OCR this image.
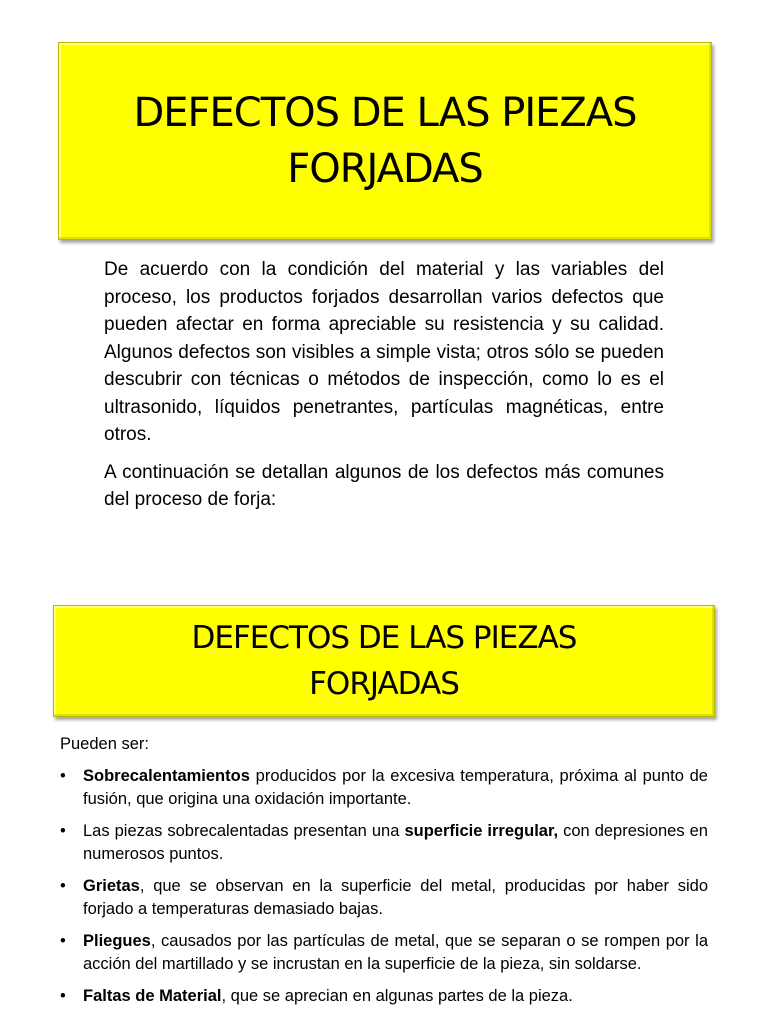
DEFECTOS DE LAS PIEZAS
FORJADAS

De acuerdo con la condición del material y las variables del proceso, los productos forjados desarrollan varios defectos que pueden afectar en forma apreciable su resistencia y su calidad. Algunos defectos son visibles a simple vista; otros sólo se pueden descubrir con técnicas o métodos de inspección, como lo es el ultrasonido, líquidos penetrantes, partículas magnéticas, entre otros.

A continuación se detallan algunos de los defectos más comunes del proceso de forja:

DEFECTOS DE LAS PIEZAS
FORJADAS

Pueden ser:

• Sobrecalentamientos producidos por la excesiva temperatura, próxima al punto de fusión, que origina una oxidación importante.
• Las piezas sobrecalentadas presentan una superficie irregular, con depresiones en numerosos puntos.
• Grietas, que se observan en la superficie del metal, producidas por haber sido forjado a temperaturas demasiado bajas.
• Pliegues, causados por las partículas de metal, que se separan o se rompen por la acción del martillado y se incrustan en la superficie de la pieza, sin soldarse.
• Faltas de Material, que se aprecian en algunas partes de la pieza.
